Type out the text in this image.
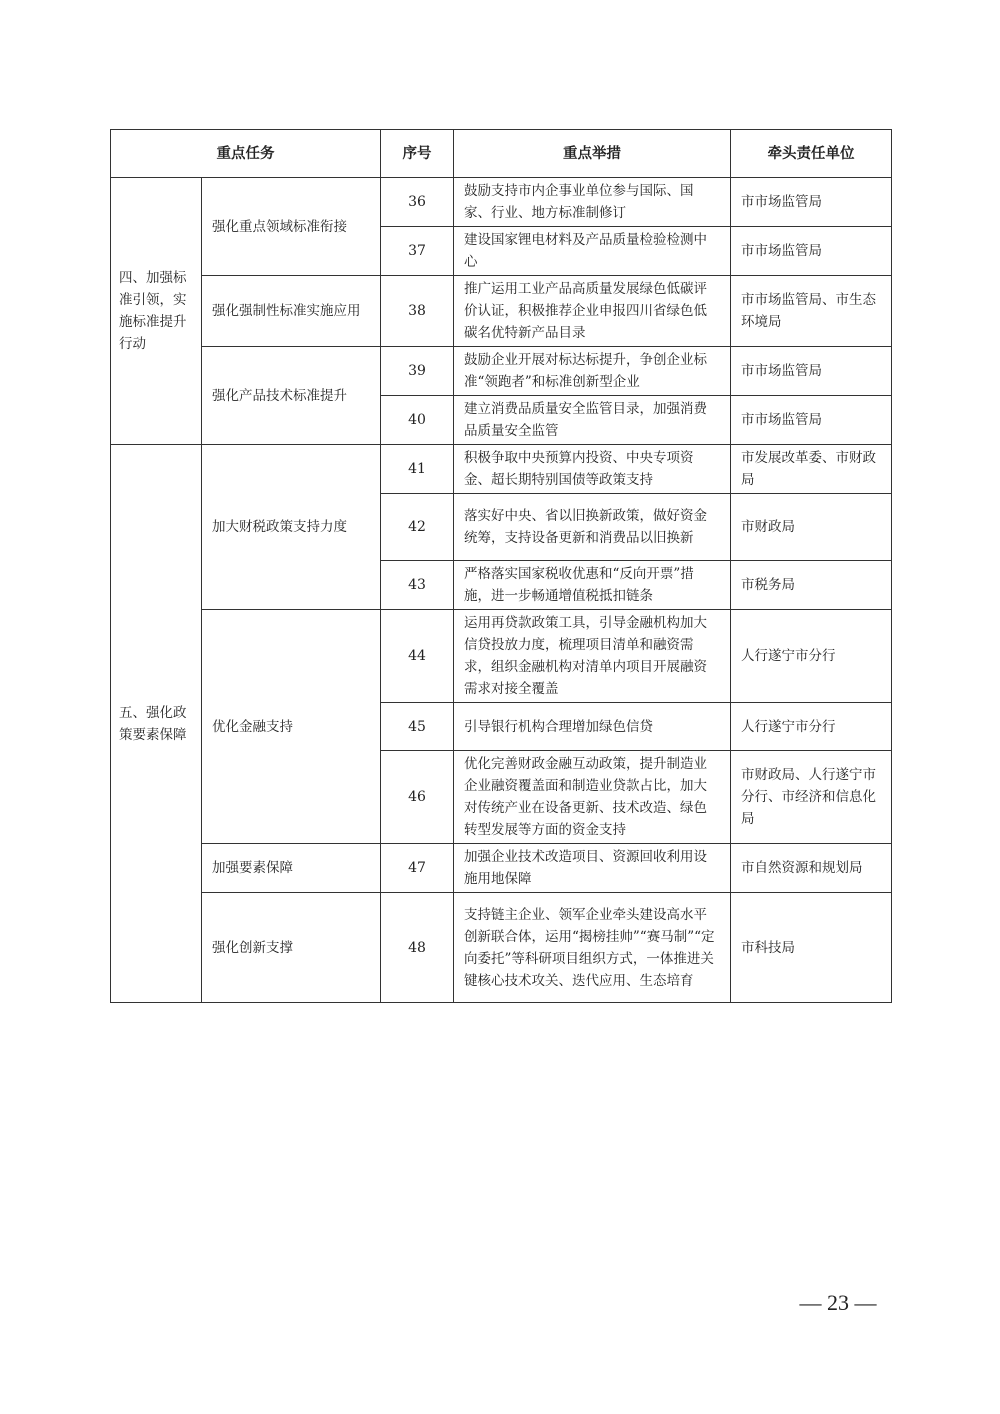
重点任务		序号	重点举措	牵头责任单位
四、加强标准引领，实施标准提升行动	强化重点领域标准衔接	36	鼓励支持市内企事业单位参与国际、国家、行业、地方标准制修订	市市场监管局
		37	建设国家锂电材料及产品质量检验检测中心	市市场监管局
	强化强制性标准实施应用	38	推广运用工业产品高质量发展绿色低碳评价认证，积极推荐企业申报四川省绿色低碳名优特新产品目录	市市场监管局、市生态环境局
	强化产品技术标准提升	39	鼓励企业开展对标达标提升，争创企业标准“领跑者”和标准创新型企业	市市场监管局
		40	建立消费品质量安全监管目录，加强消费品质量安全监管	市市场监管局
五、强化政策要素保障	加大财税政策支持力度	41	积极争取中央预算内投资、中央专项资金、超长期特别国债等政策支持	市发展改革委、市财政局
		42	落实好中央、省以旧换新政策，做好资金统筹，支持设备更新和消费品以旧换新	市财政局
		43	严格落实国家税收优惠和“反向开票”措施，进一步畅通增值税抵扣链条	市税务局
	优化金融支持	44	运用再贷款政策工具，引导金融机构加大信贷投放力度，梳理项目清单和融资需求，组织金融机构对清单内项目开展融资需求对接全覆盖	人行遂宁市分行
		45	引导银行机构合理增加绿色信贷	人行遂宁市分行
		46	优化完善财政金融互动政策，提升制造业企业融资覆盖面和制造业贷款占比，加大对传统产业在设备更新、技术改造、绿色转型发展等方面的资金支持	市财政局、人行遂宁市分行、市经济和信息化局
	加强要素保障	47	加强企业技术改造项目、资源回收利用设施用地保障	市自然资源和规划局
	强化创新支撑	48	支持链主企业、领军企业牵头建设高水平创新联合体，运用“揭榜挂帅”“赛马制”“定向委托”等科研项目组织方式，一体推进关键核心技术攻关、迭代应用、生态培育	市科技局
— 23 —
